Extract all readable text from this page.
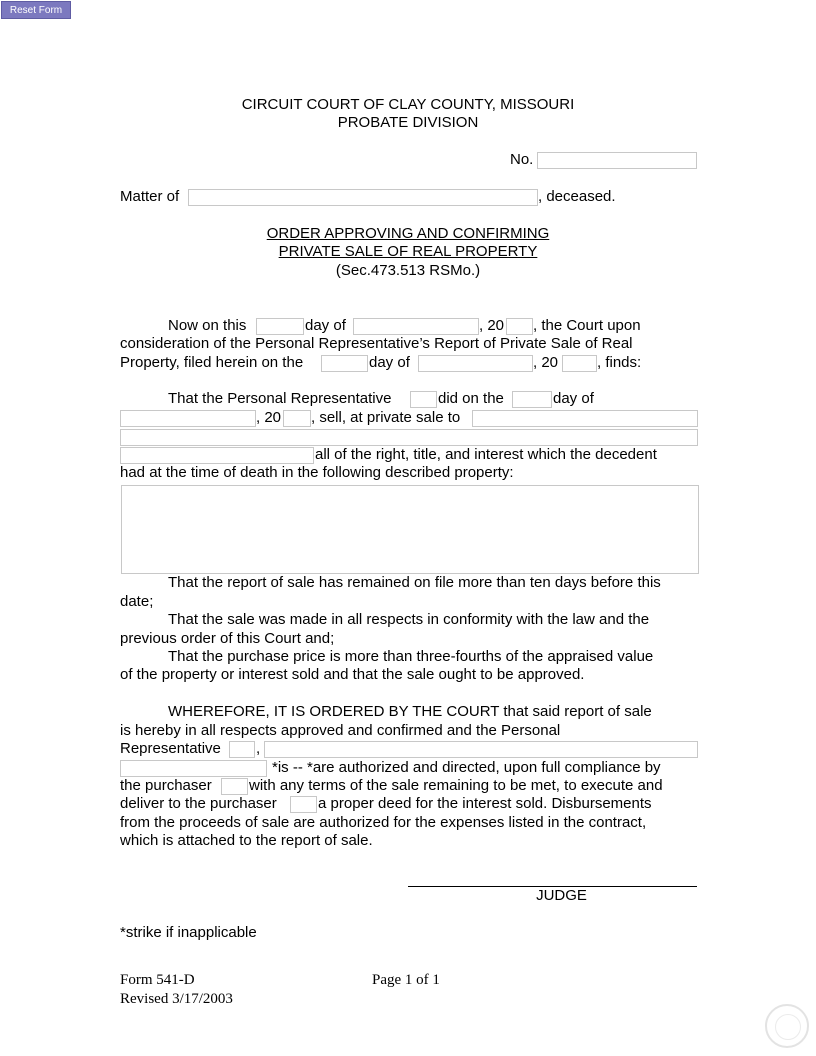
Reset Form
CIRCUIT COURT OF CLAY COUNTY, MISSOURI
PROBATE DIVISION
No.
Matter of	, deceased.
ORDER APPROVING AND CONFIRMING
PRIVATE SALE OF REAL PROPERTY
(Sec.473.513 RSMo.)
Now on this	day of	, 20 , the Court upon
consideration of the Personal Representative’s Report of Private Sale of Real
Property, filed herein on the	day of	, 20	, finds:
That the Personal Representative	did on the	day of
, 20 , sell, at private sale to
all of the right, title, and interest which the decedent
had at the time of death in the following described property:
That the report of sale has remained on file more than ten days before this
date;
That the sale was made in all respects in conformity with the law and the
previous order of this Court and;
That the purchase price is more than three-fourths of the appraised value
of the property or interest sold and that the sale ought to be approved.
WHEREFORE, IT IS ORDERED BY THE COURT that said report of sale
is hereby in all respects approved and confirmed and the Personal
Representative ,
*is -- *are authorized and directed, upon full compliance by
the purchaser with any terms of the sale remaining to be met, to execute and
deliver to the purchaser	a proper deed for the interest sold. Disbursements
from the proceeds of sale are authorized for the expenses listed in the contract,
which is attached to the report of sale.
JUDGE
*strike if inapplicable
Form 541-D
Revised 3/17/2003
Page 1 of 1
